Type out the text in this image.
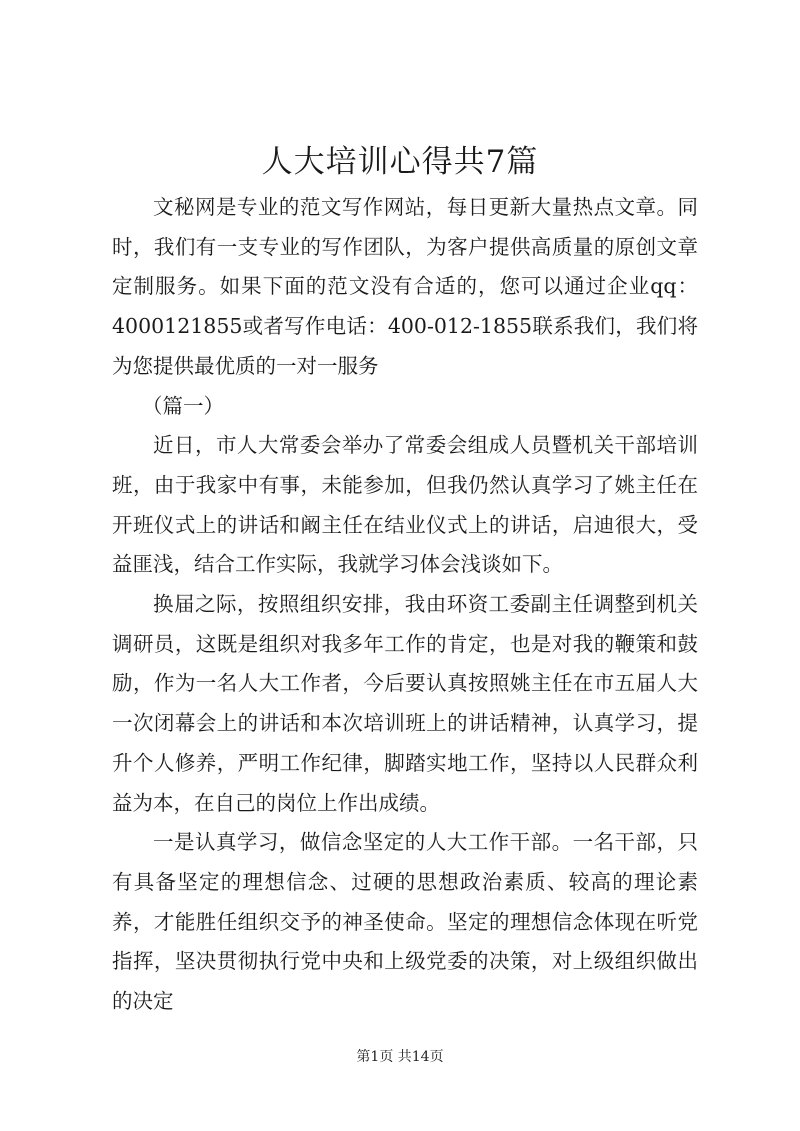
人大培训心得共7篇

文秘网是专业的范文写作网站，每日更新大量热点文章。同时，我们有一支专业的写作团队，为客户提供高质量的原创文章定制服务。如果下面的范文没有合适的，您可以通过企业qq：4000121855或者写作电话：400-012-1855联系我们，我们将为您提供最优质的一对一服务

（篇一）

近日，市人大常委会举办了常委会组成人员暨机关干部培训班，由于我家中有事，未能参加，但我仍然认真学习了姚主任在开班仪式上的讲话和阚主任在结业仪式上的讲话，启迪很大，受益匪浅，结合工作实际，我就学习体会浅谈如下。

换届之际，按照组织安排，我由环资工委副主任调整到机关调研员，这既是组织对我多年工作的肯定，也是对我的鞭策和鼓励，作为一名人大工作者，今后要认真按照姚主任在市五届人大一次闭幕会上的讲话和本次培训班上的讲话精神，认真学习，提升个人修养，严明工作纪律，脚踏实地工作，坚持以人民群众利益为本，在自己的岗位上作出成绩。

一是认真学习，做信念坚定的人大工作干部。一名干部，只有具备坚定的理想信念、过硬的思想政治素质、较高的理论素养，才能胜任组织交予的神圣使命。坚定的理想信念体现在听党指挥，坚决贯彻执行党中央和上级党委的决策，对上级组织做出的决定

第1页 共14页
